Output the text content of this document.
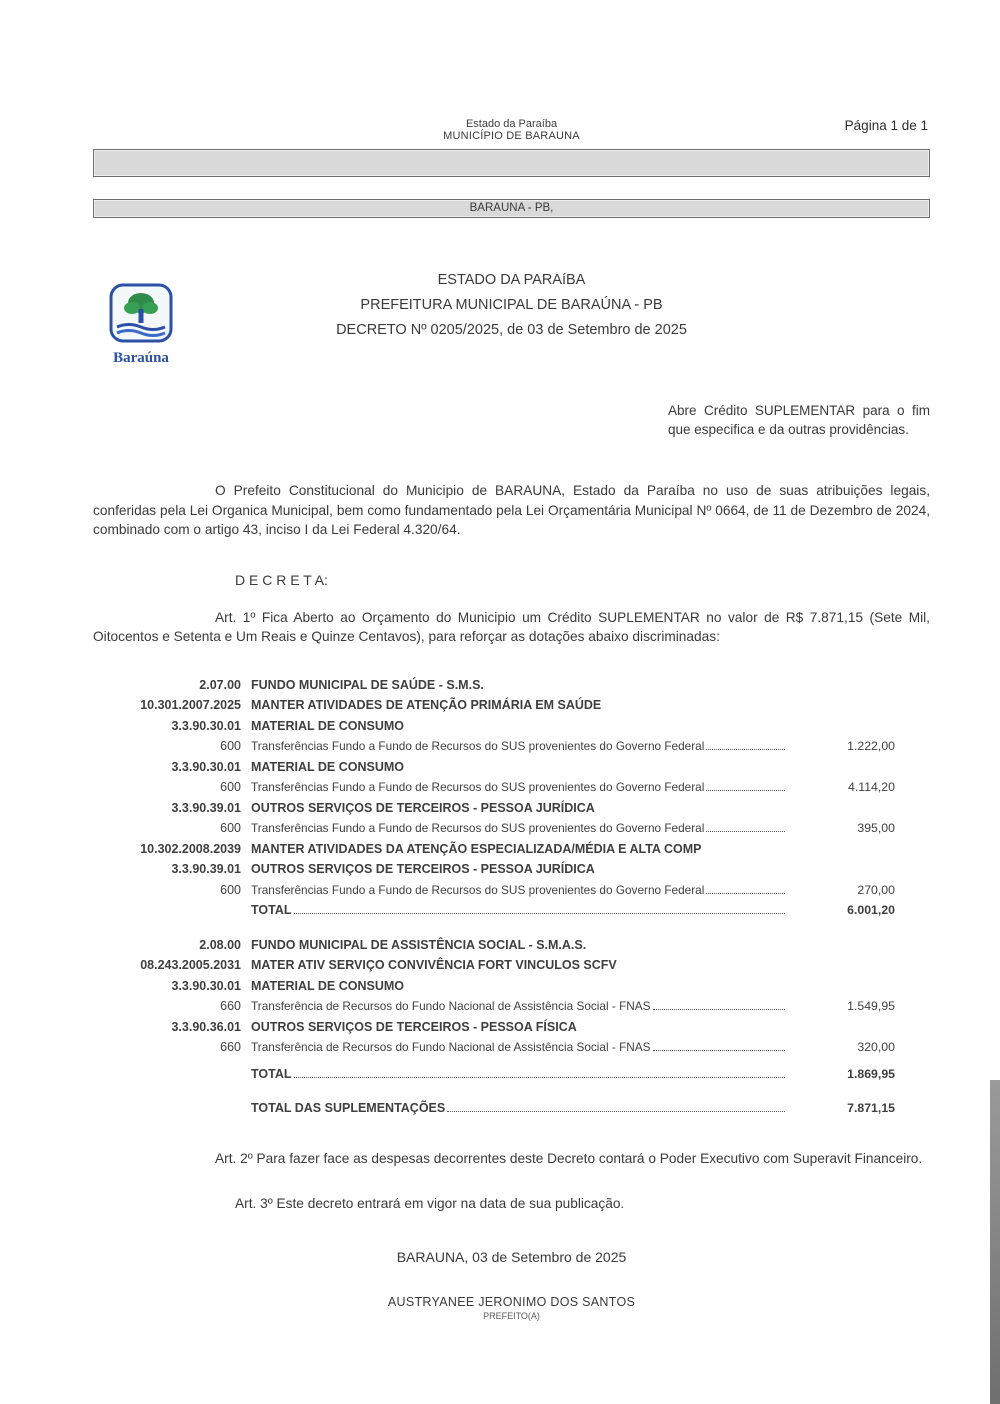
Estado da Paraíba
MUNICÍPIO DE BARAUNA
Página 1 de 1
BARAUNA - PB,
Baraúna
ESTADO DA PARAíBA
PREFEITURA MUNICIPAL DE BARAÚNA - PB
DECRETO Nº 0205/2025, de 03 de Setembro de 2025
Abre Crédito SUPLEMENTAR para o fim que especifica e da outras providências.
O Prefeito Constitucional do Municipio de BARAUNA, Estado da Paraíba no uso de suas atribuições legais, conferidas pela Lei Organica Municipal, bem como fundamentado pela Lei Orçamentária Municipal Nº 0664, de 11 de Dezembro de 2024, combinado com o artigo 43, inciso I da Lei Federal 4.320/64.
D E C R E T A:
Art. 1º Fica Aberto ao Orçamento do Municipio um Crédito SUPLEMENTAR no valor de R$ 7.871,15 (Sete Mil, Oitocentos e Setenta e Um Reais e Quinze Centavos), para reforçar as dotações abaixo discriminadas:
2.07.00 FUNDO MUNICIPAL DE SAÚDE - S.M.S.
10.301.2007.2025 MANTER ATIVIDADES DE ATENÇÃO PRIMÁRIA EM SAÚDE
3.3.90.30.01 MATERIAL DE CONSUMO
600 Transferências Fundo a Fundo de Recursos do SUS provenientes do Governo Federal	1.222,00
3.3.90.30.01 MATERIAL DE CONSUMO
600 Transferências Fundo a Fundo de Recursos do SUS provenientes do Governo Federal	4.114,20
3.3.90.39.01 OUTROS SERVIÇOS DE TERCEIROS - PESSOA JURÍDICA
600 Transferências Fundo a Fundo de Recursos do SUS provenientes do Governo Federal	395,00
10.302.2008.2039 MANTER ATIVIDADES DA ATENÇÃO ESPECIALIZADA/MÉDIA E ALTA COMP
3.3.90.39.01 OUTROS SERVIÇOS DE TERCEIROS - PESSOA JURÍDICA
600 Transferências Fundo a Fundo de Recursos do SUS provenientes do Governo Federal	270,00
TOTAL	6.001,20
2.08.00 FUNDO MUNICIPAL DE ASSISTÊNCIA SOCIAL - S.M.A.S.
08.243.2005.2031 MATER ATIV SERVIÇO CONVIVÊNCIA FORT VINCULOS SCFV
3.3.90.30.01 MATERIAL DE CONSUMO
660 Transferência de Recursos do Fundo Nacional de Assistência Social - FNAS	1.549,95
3.3.90.36.01 OUTROS SERVIÇOS DE TERCEIROS - PESSOA FÍSICA
660 Transferência de Recursos do Fundo Nacional de Assistência Social - FNAS	320,00
TOTAL	1.869,95
TOTAL DAS SUPLEMENTAÇÕES	7.871,15
Art. 2º Para fazer face as despesas decorrentes deste Decreto contará o Poder Executivo com Superavit Financeiro.
Art. 3º Este decreto entrará em vigor na data de sua publicação.
BARAUNA, 03 de Setembro de 2025
AUSTRYANEE JERONIMO DOS SANTOS
PREFEITO(A)
